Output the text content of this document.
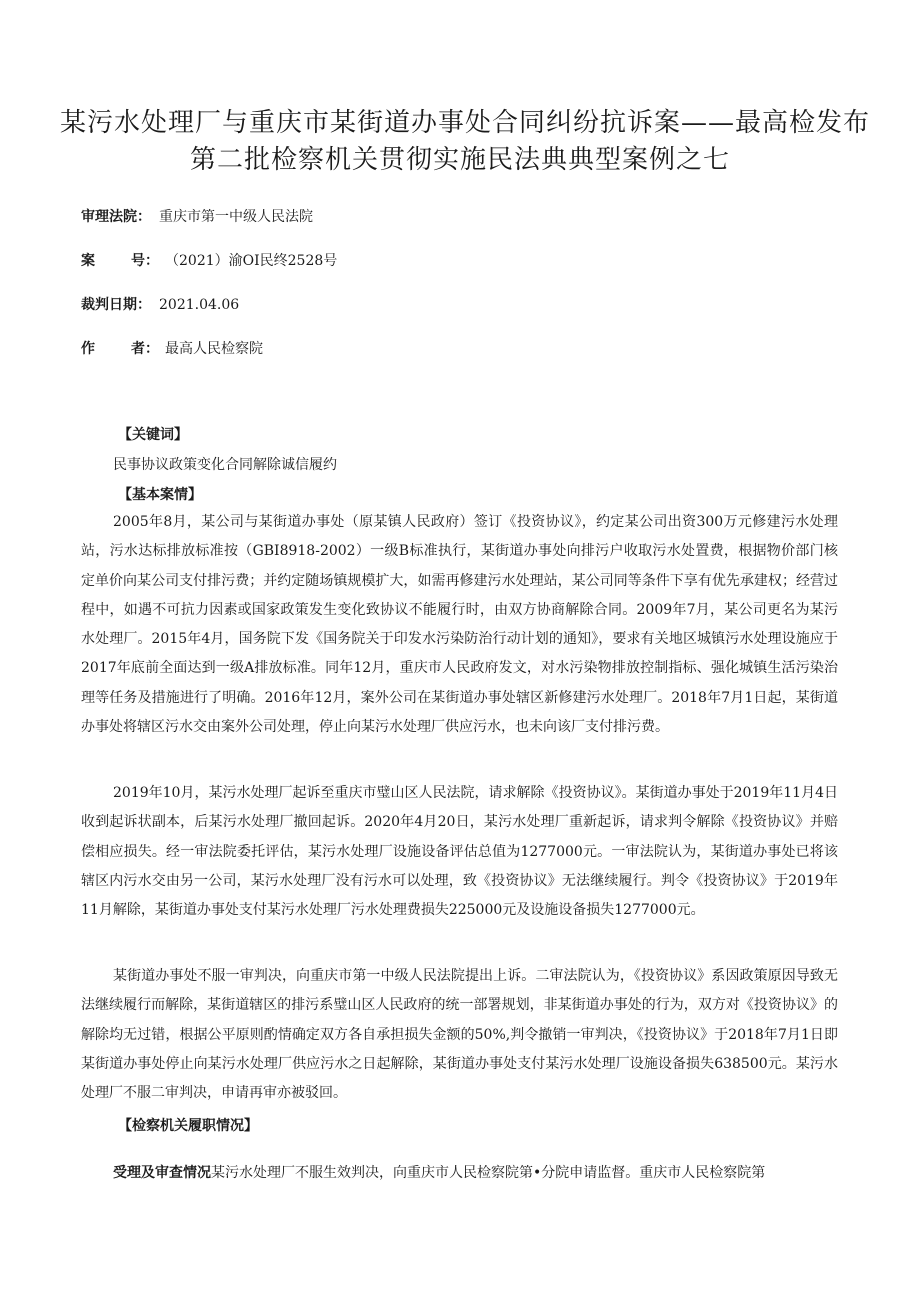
某污水处理厂与重庆市某街道办事处合同纠纷抗诉案——最高检发布
第二批检察机关贯彻实施民法典典型案例之七
审理法院： 重庆市第一中级人民法院
案	号： （2021）渝OI民终2528号
裁判日期： 2021.04.06
作	者： 最高人民检察院
【关键词】
民事协议政策变化合同解除诚信履约
【基本案情】
2005年8月，某公司与某街道办事处（原某镇人民政府）签订《投资协议》，约定某公司出资300万元修建污水处理站，污水达标排放标准按（GBI8918-2002）一级B标准执行，某街道办事处向排污户收取污水处置费，根据物价部门核定单价向某公司支付排污费；并约定随场镇规模扩大，如需再修建污水处理站，某公司同等条件下享有优先承建权；经营过程中，如遇不可抗力因素或国家政策发生变化致协议不能履行时，由双方协商解除合同。2009年7月，某公司更名为某污水处理厂。2015年4月，国务院下发《国务院关于印发水污染防治行动计划的通知》，要求有关地区城镇污水处理设施应于2017年底前全面达到一级A排放标准。同年12月，重庆市人民政府发文，对水污染物排放控制指标、强化城镇生活污染治理等任务及措施进行了明确。2016年12月，案外公司在某街道办事处辖区新修建污水处理厂。2018年7月1日起，某街道办事处将辖区污水交由案外公司处理，停止向某污水处理厂供应污水，也未向该厂支付排污费。
2019年10月，某污水处理厂起诉至重庆市璧山区人民法院，请求解除《投资协议》。某街道办事处于2019年11月4日收到起诉状副本，后某污水处理厂撤回起诉。2020年4月20日，某污水处理厂重新起诉，请求判令解除《投资协议》并赔偿相应损失。经一审法院委托评估，某污水处理厂设施设备评估总值为1277000元。一审法院认为，某街道办事处已将该辖区内污水交由另一公司，某污水处理厂没有污水可以处理，致《投资协议》无法继续履行。判令《投资协议》于2019年11月解除，某街道办事处支付某污水处理厂污水处理费损失225000元及设施设备损失1277000元。
某街道办事处不服一审判决，向重庆市第一中级人民法院提出上诉。二审法院认为，《投资协议》系因政策原因导致无法继续履行而解除，某街道辖区的排污系璧山区人民政府的统一部署规划，非某街道办事处的行为，双方对《投资协议》的解除均无过错，根据公平原则酌情确定双方各自承担损失金额的50%,判令撤销一审判决，《投资协议》于2018年7月1日即某街道办事处停止向某污水处理厂供应污水之日起解除，某街道办事处支付某污水处理厂设施设备损失638500元。某污水处理厂不服二审判决，申请再审亦被驳回。
【检察机关履职情况】
受理及审查情况某污水处理厂不服生效判决，向重庆市人民检察院第•分院申请监督。重庆市人民检察院第
